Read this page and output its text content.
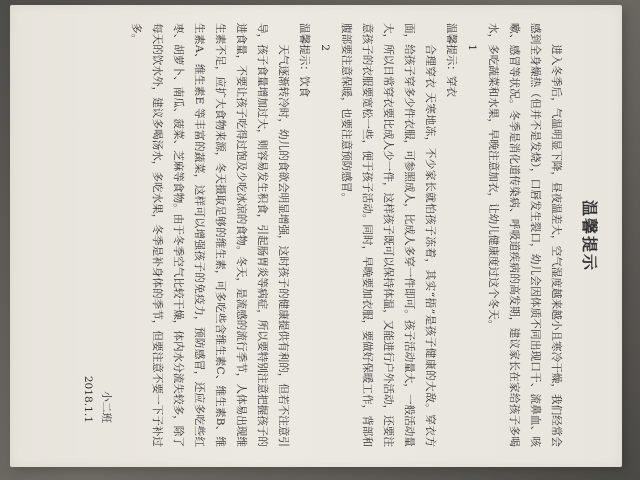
温馨提示

进入冬季后，气温明显下降，昼夜温差大，空气湿度越来越小且寒冷干燥，我们经常会感到全身燥热（但并不是发烧），口唇发生裂口，幼儿会因体质不同出现口干、流鼻血、咳嗽、感冒等状况。冬季是消化道传染病、呼吸道疾病的高发期，建议家长在家给孩子多喝水，多吃蔬菜和水果，早晚注意加衣，让幼儿健康度过这个冬天。

1

温馨提示：穿衣

合理穿衣 天寒地冻，不少家长就怕孩子冻着，其实“捂”是孩子健康的大敌。穿衣方面，给孩子穿多少件衣服，可参照成人，比成人多穿一件即可。孩子活动量大，一般活动量大，所以日常穿衣要比成人少一件，这样孩子既可以保持体温，又能进行户外活动，还要注意孩子的衣服要宽松一些，便于孩子活动。同时，早晚要加衣服，要做好保暖工作，背部和腹部要注意保暖，也要注意预防感冒。

2

温馨提示：饮食

天气逐渐转冷时，幼儿的食欲会明显增强，这时孩子的健康提供有利的，但若不注意引导，孩子食量增加过大，则容易发生积食，引起肠胃炎等病症，所以要特别注意把握孩子的进食量，不要让孩子吃得过饱及少吃冰凉的食物。冬天，是流感的流行季节，人体易出现维生素不足，应扩大食物来源，冬天摄取足够的维生素，可多吃些含维生素C、维生素B、维生素A、维生素E 等丰富的蔬菜，这样可以增强孩子的免疫力，预防感冒，还应多吃些红枣、胡萝卜、南瓜、菠菜、芝麻等食物。由于冬季空气比较干燥，体内水分流失较多，除了每天的饮水外，建议多喝汤水，多吃水果，冬季是补身体的季节，但要注意不要一下子补过多。

小二班
2018.1.1
